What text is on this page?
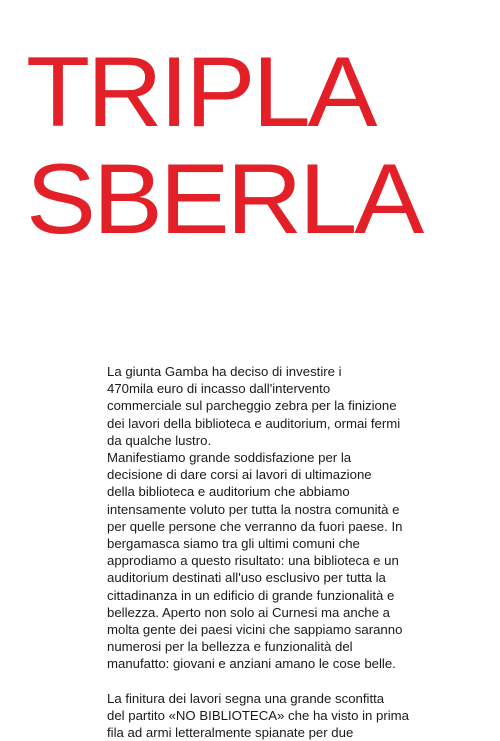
TRIPLA
SBERLA

La giunta Gamba ha deciso di investire i
470mila euro di incasso dall'intervento
commerciale sul parcheggio zebra per la finizione
dei lavori della biblioteca e auditorium, ormai fermi
da qualche lustro.

Manifestiamo grande soddisfazione per la
decisione di dare corsi ai lavori di ultimazione
della biblioteca e auditorium che abbiamo
intensamente voluto per tutta la nostra comunità e
per quelle persone che verranno da fuori paese. In
bergamasca siamo tra gli ultimi comuni che
approdiamo a questo risultato: una biblioteca e un
auditorium destinati all'uso esclusivo per tutta la
cittadinanza in un edificio di grande funzionalità e
bellezza. Aperto non solo ai Curnesi ma anche a
molta gente dei paesi vicini che sappiamo saranno
numerosi per la bellezza e funzionalità del
manufatto: giovani e anziani amano le cose belle.

La finitura dei lavori segna una grande sconfitta
del partito «NO BIBLIOTECA» che ha visto in prima
fila ad armi letteralmente spianate per due
